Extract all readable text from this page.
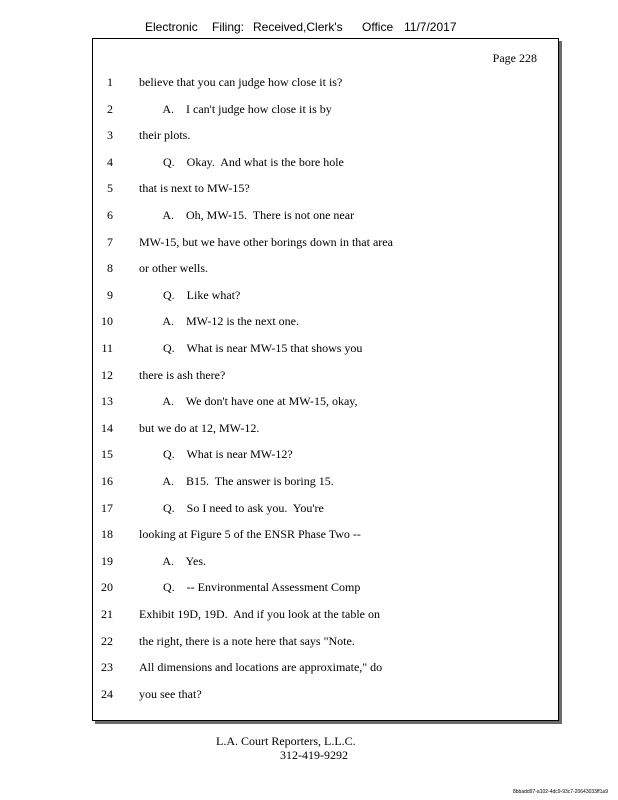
Electronic Filing: Received,Clerk's Office 11/7/2017
Page 228
1 believe that you can judge how close it is?
2 A.    I can't judge how close it is by
3 their plots.
4 Q.    Okay.  And what is the bore hole
5 that is next to MW-15?
6 A.    Oh, MW-15.  There is not one near
7 MW-15, but we have other borings down in that area
8 or other wells.
9 Q.    Like what?
10 A.    MW-12 is the next one.
11 Q.    What is near MW-15 that shows you
12 there is ash there?
13 A.    We don't have one at MW-15, okay,
14 but we do at 12, MW-12.
15 Q.    What is near MW-12?
16 A.    B15.  The answer is boring 15.
17 Q.    So I need to ask you.  You're
18 looking at Figure 5 of the ENSR Phase Two --
19 A.    Yes.
20 Q.    -- Environmental Assessment Comp
21 Exhibit 19D, 19D.  And if you look at the table on
22 the right, there is a note here that says "Note.
23 All dimensions and locations are approximate," do
24 you see that?
L.A. Court Reporters, L.L.C.
312-419-9292
8bbadd97-a102-4dc9-93c7-20643033ff1a9
